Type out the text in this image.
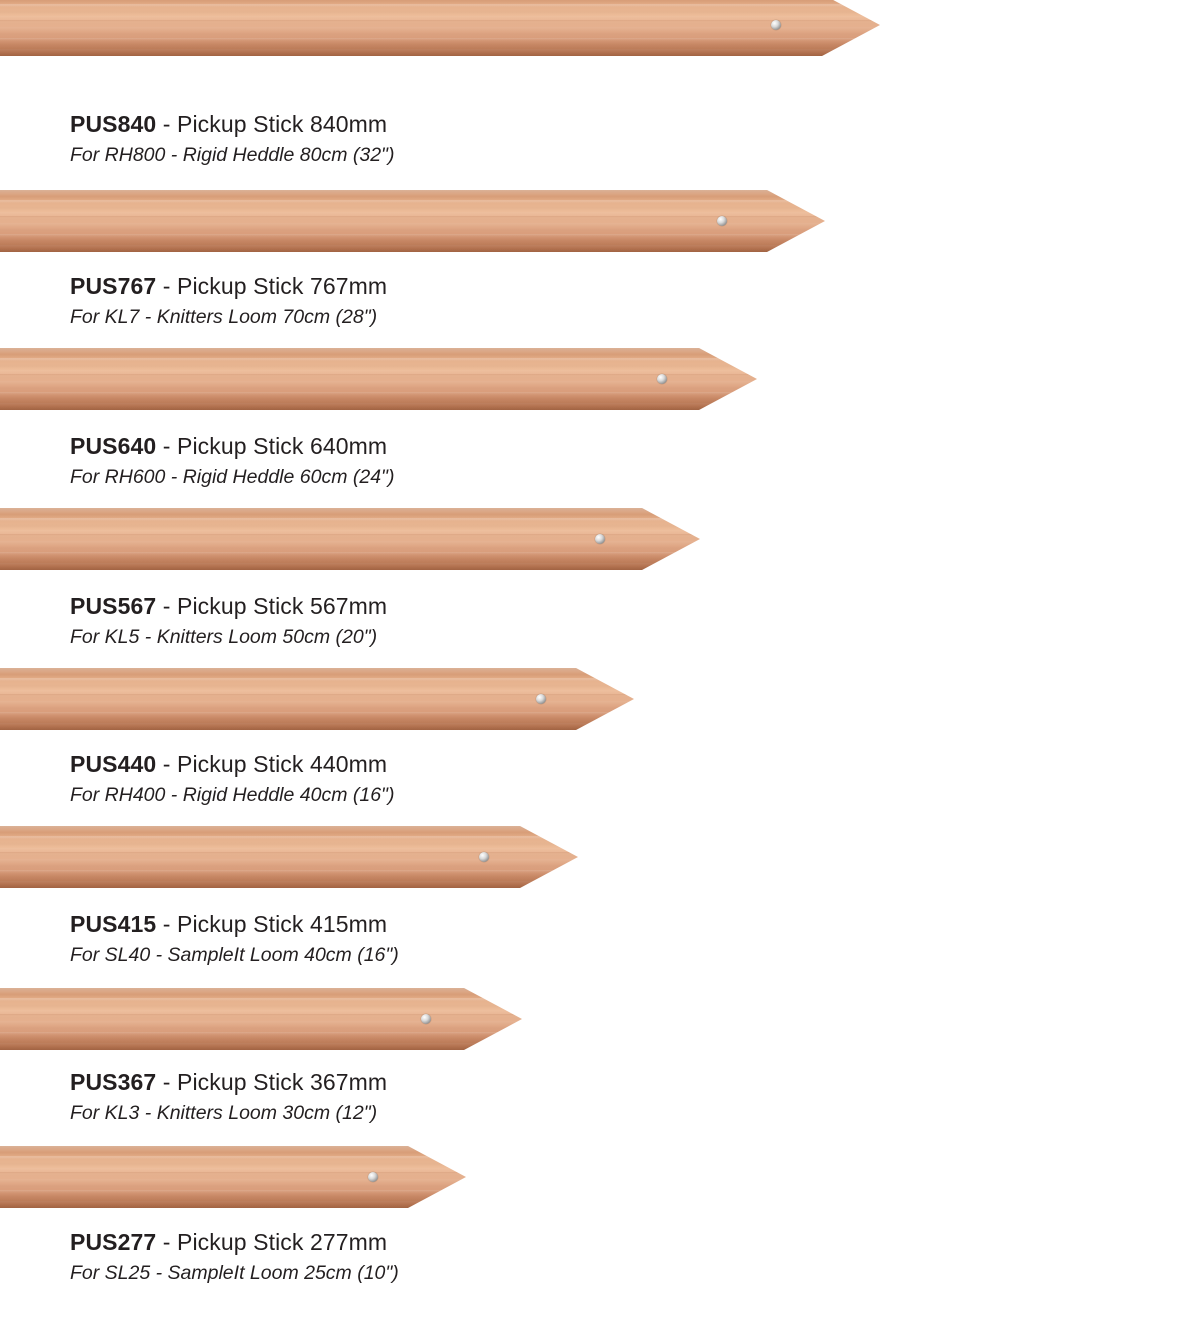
PUS840 - Pickup Stick 840mm
For RH800 - Rigid Heddle 80cm (32")
PUS767 - Pickup Stick 767mm
For KL7 - Knitters Loom 70cm (28")
PUS640 - Pickup Stick 640mm
For RH600 - Rigid Heddle 60cm (24")
PUS567 - Pickup Stick 567mm
For KL5 - Knitters Loom 50cm (20")
PUS440 - Pickup Stick 440mm
For RH400 - Rigid Heddle 40cm (16")
PUS415 - Pickup Stick 415mm
For SL40 - SampleIt Loom 40cm (16")
PUS367 - Pickup Stick 367mm
For KL3 - Knitters Loom 30cm (12")
PUS277 - Pickup Stick 277mm
For SL25 - SampleIt Loom 25cm (10")
